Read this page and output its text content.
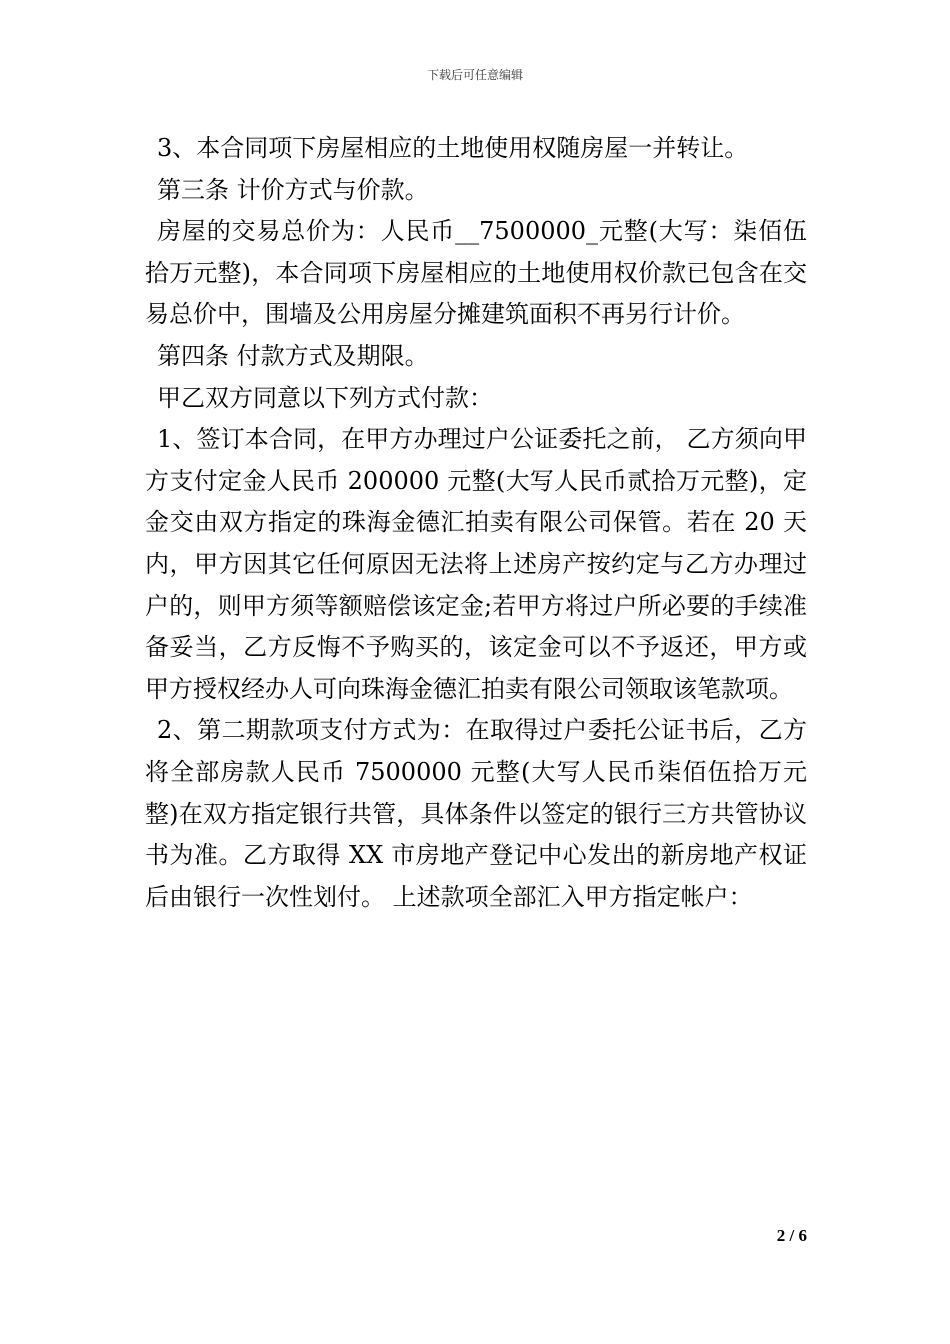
下载后可任意编辑

3、本合同项下房屋相应的土地使用权随房屋一并转让。

第三条 计价方式与价款。

房屋的交易总价为：人民币__7500000_元整(大写：柒佰伍拾万元整)，本合同项下房屋相应的土地使用权价款已包含在交易总价中，围墙及公用房屋分摊建筑面积不再另行计价。

第四条 付款方式及期限。

甲乙双方同意以下列方式付款：

1、签订本合同，在甲方办理过户公证委托之前， 乙方须向甲方支付定金人民币 200000 元整(大写人民币贰拾万元整)，定金交由双方指定的珠海金德汇拍卖有限公司保管。若在 20 天内，甲方因其它任何原因无法将上述房产按约定与乙方办理过户的，则甲方须等额赔偿该定金;若甲方将过户所必要的手续准备妥当，乙方反悔不予购买的，该定金可以不予返还，甲方或甲方授权经办人可向珠海金德汇拍卖有限公司领取该笔款项。

2、第二期款项支付方式为：在取得过户委托公证书后，乙方将全部房款人民币 7500000 元整(大写人民币柒佰伍拾万元整)在双方指定银行共管，具体条件以签定的银行三方共管协议书为准。乙方取得 XX 市房地产登记中心发出的新房地产权证后由银行一次性划付。 上述款项全部汇入甲方指定帐户：

2 / 6
